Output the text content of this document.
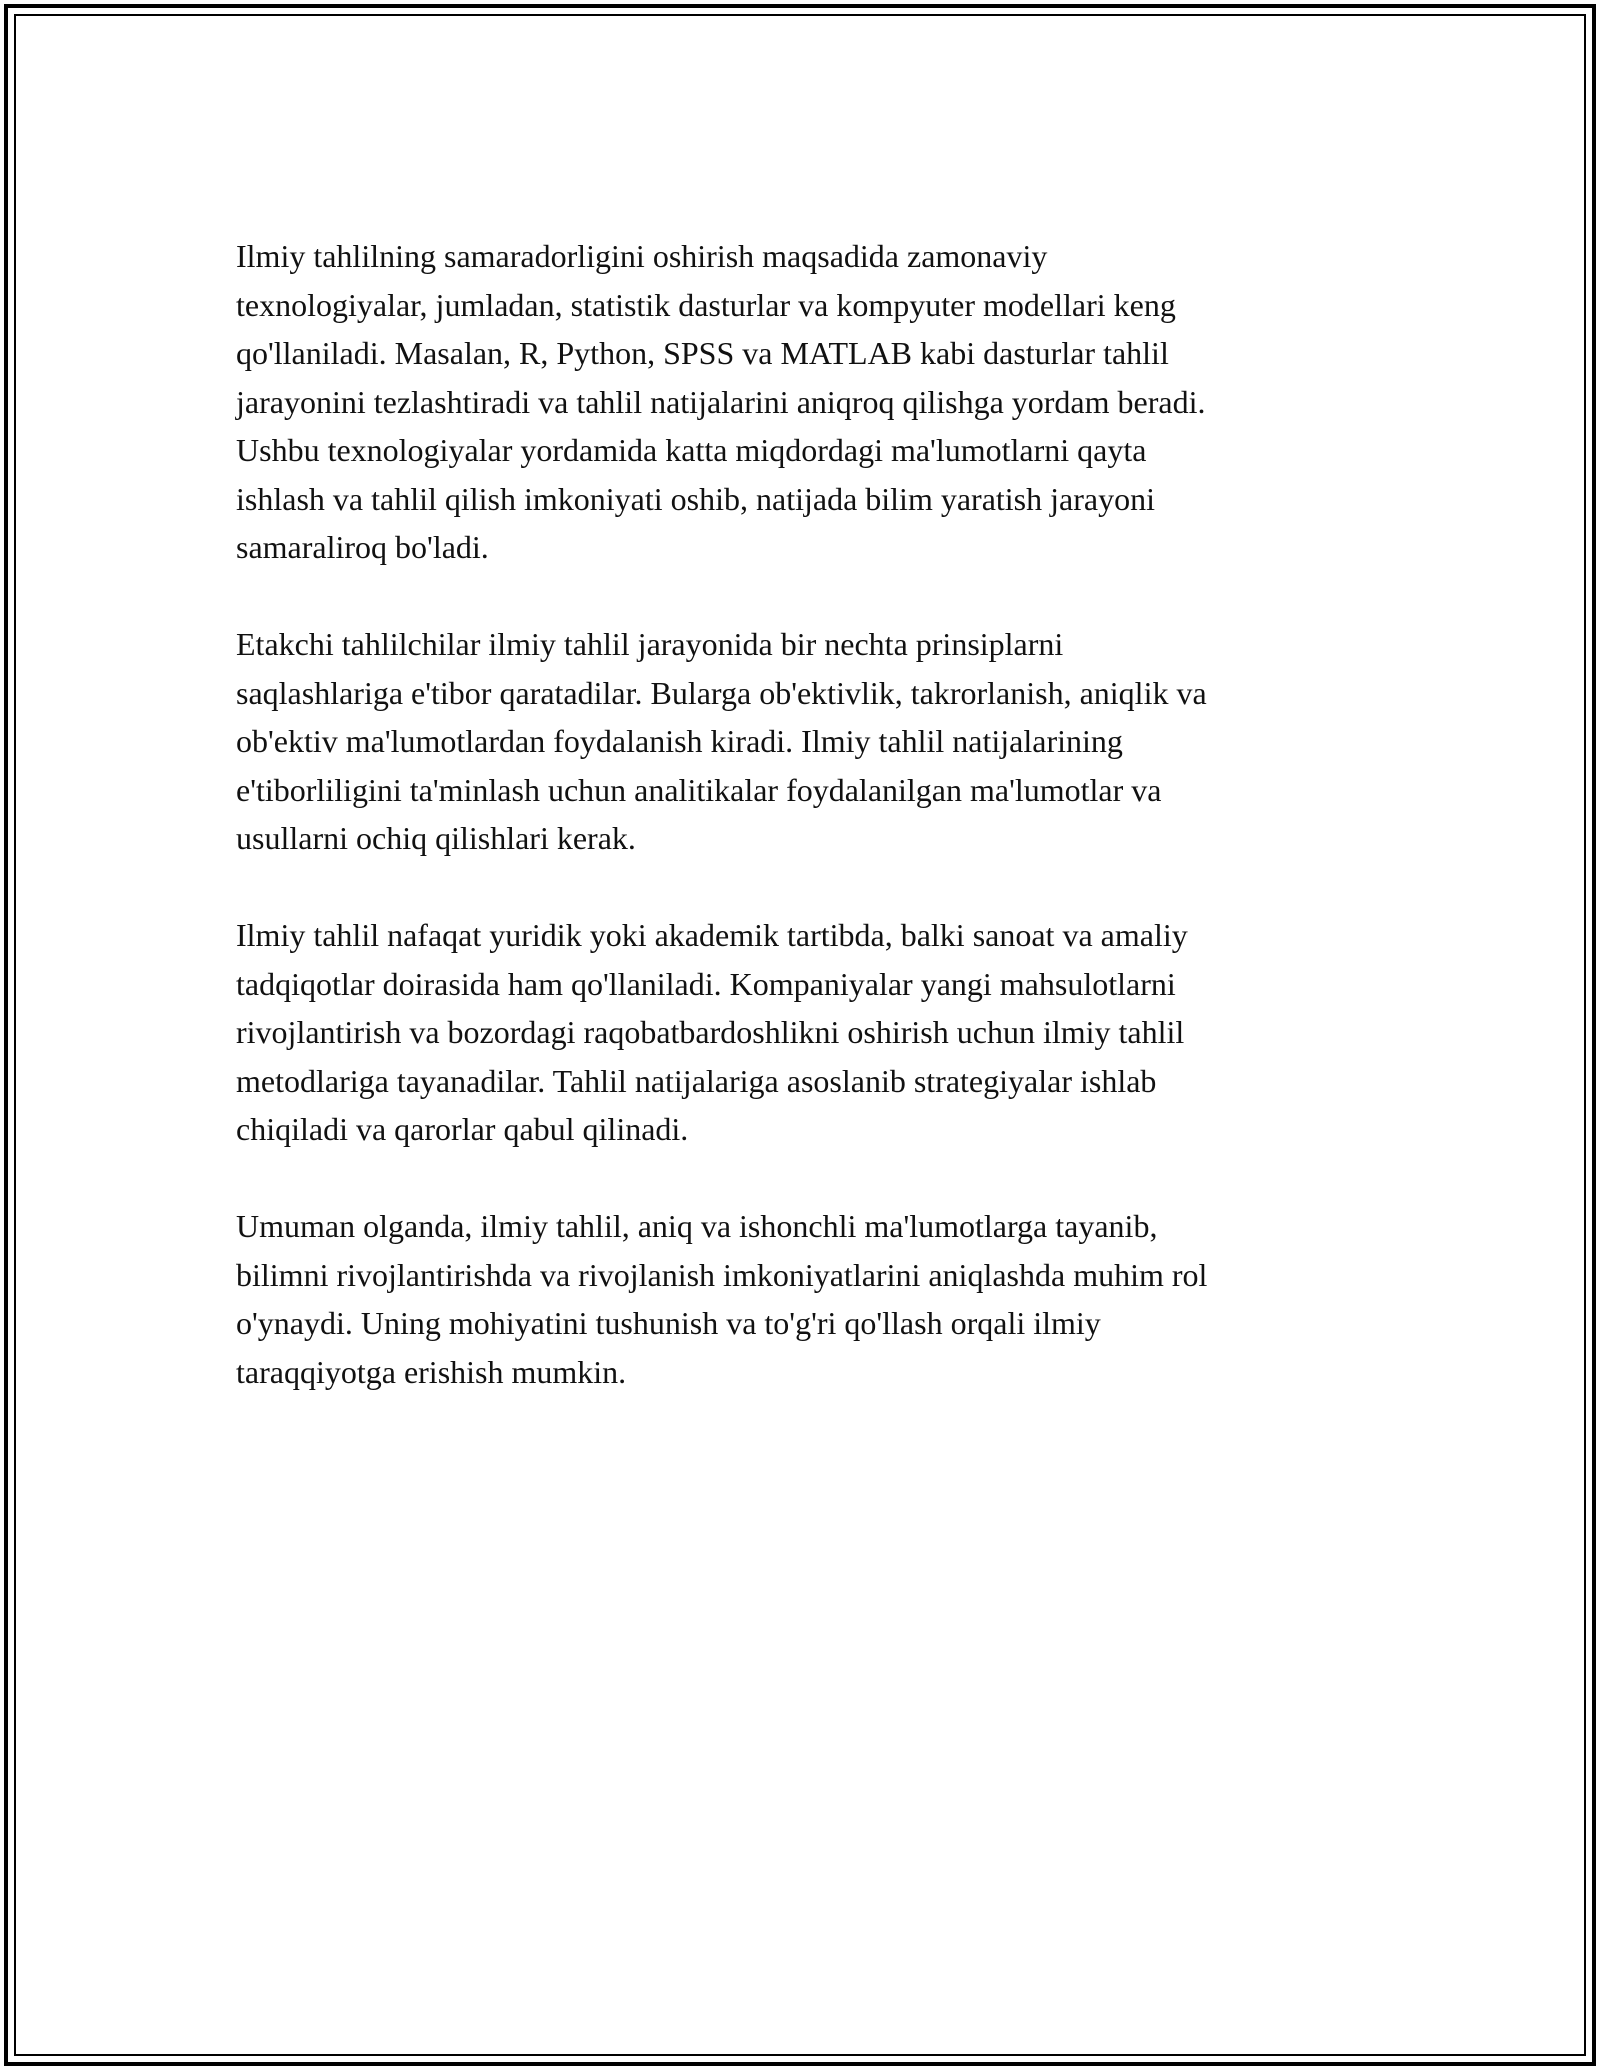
Ilmiy tahlilning samaradorligini oshirish maqsadida zamonaviy
texnologiyalar, jumladan, statistik dasturlar va kompyuter modellari keng
qo'llaniladi. Masalan, R, Python, SPSS va MATLAB kabi dasturlar tahlil
jarayonini tezlashtiradi va tahlil natijalarini aniqroq qilishga yordam beradi.
Ushbu texnologiyalar yordamida katta miqdordagi ma'lumotlarni qayta
ishlash va tahlil qilish imkoniyati oshib, natijada bilim yaratish jarayoni
samaraliroq bo'ladi.

Etakchi tahlilchilar ilmiy tahlil jarayonida bir nechta prinsiplarni
saqlashlariga e'tibor qaratadilar. Bularga ob'ektivlik, takrorlanish, aniqlik va
ob'ektiv ma'lumotlardan foydalanish kiradi. Ilmiy tahlil natijalarining
e'tiborliligini ta'minlash uchun analitikalar foydalanilgan ma'lumotlar va
usullarni ochiq qilishlari kerak.

Ilmiy tahlil nafaqat yuridik yoki akademik tartibda, balki sanoat va amaliy
tadqiqotlar doirasida ham qo'llaniladi. Kompaniyalar yangi mahsulotlarni
rivojlantirish va bozordagi raqobatbardoshlikni oshirish uchun ilmiy tahlil
metodlariga tayanadilar. Tahlil natijalariga asoslanib strategiyalar ishlab
chiqiladi va qarorlar qabul qilinadi.

Umuman olganda, ilmiy tahlil, aniq va ishonchli ma'lumotlarga tayanib,
bilimni rivojlantirishda va rivojlanish imkoniyatlarini aniqlashda muhim rol
o'ynaydi. Uning mohiyatini tushunish va to'g'ri qo'llash orqali ilmiy
taraqqiyotga erishish mumkin.
